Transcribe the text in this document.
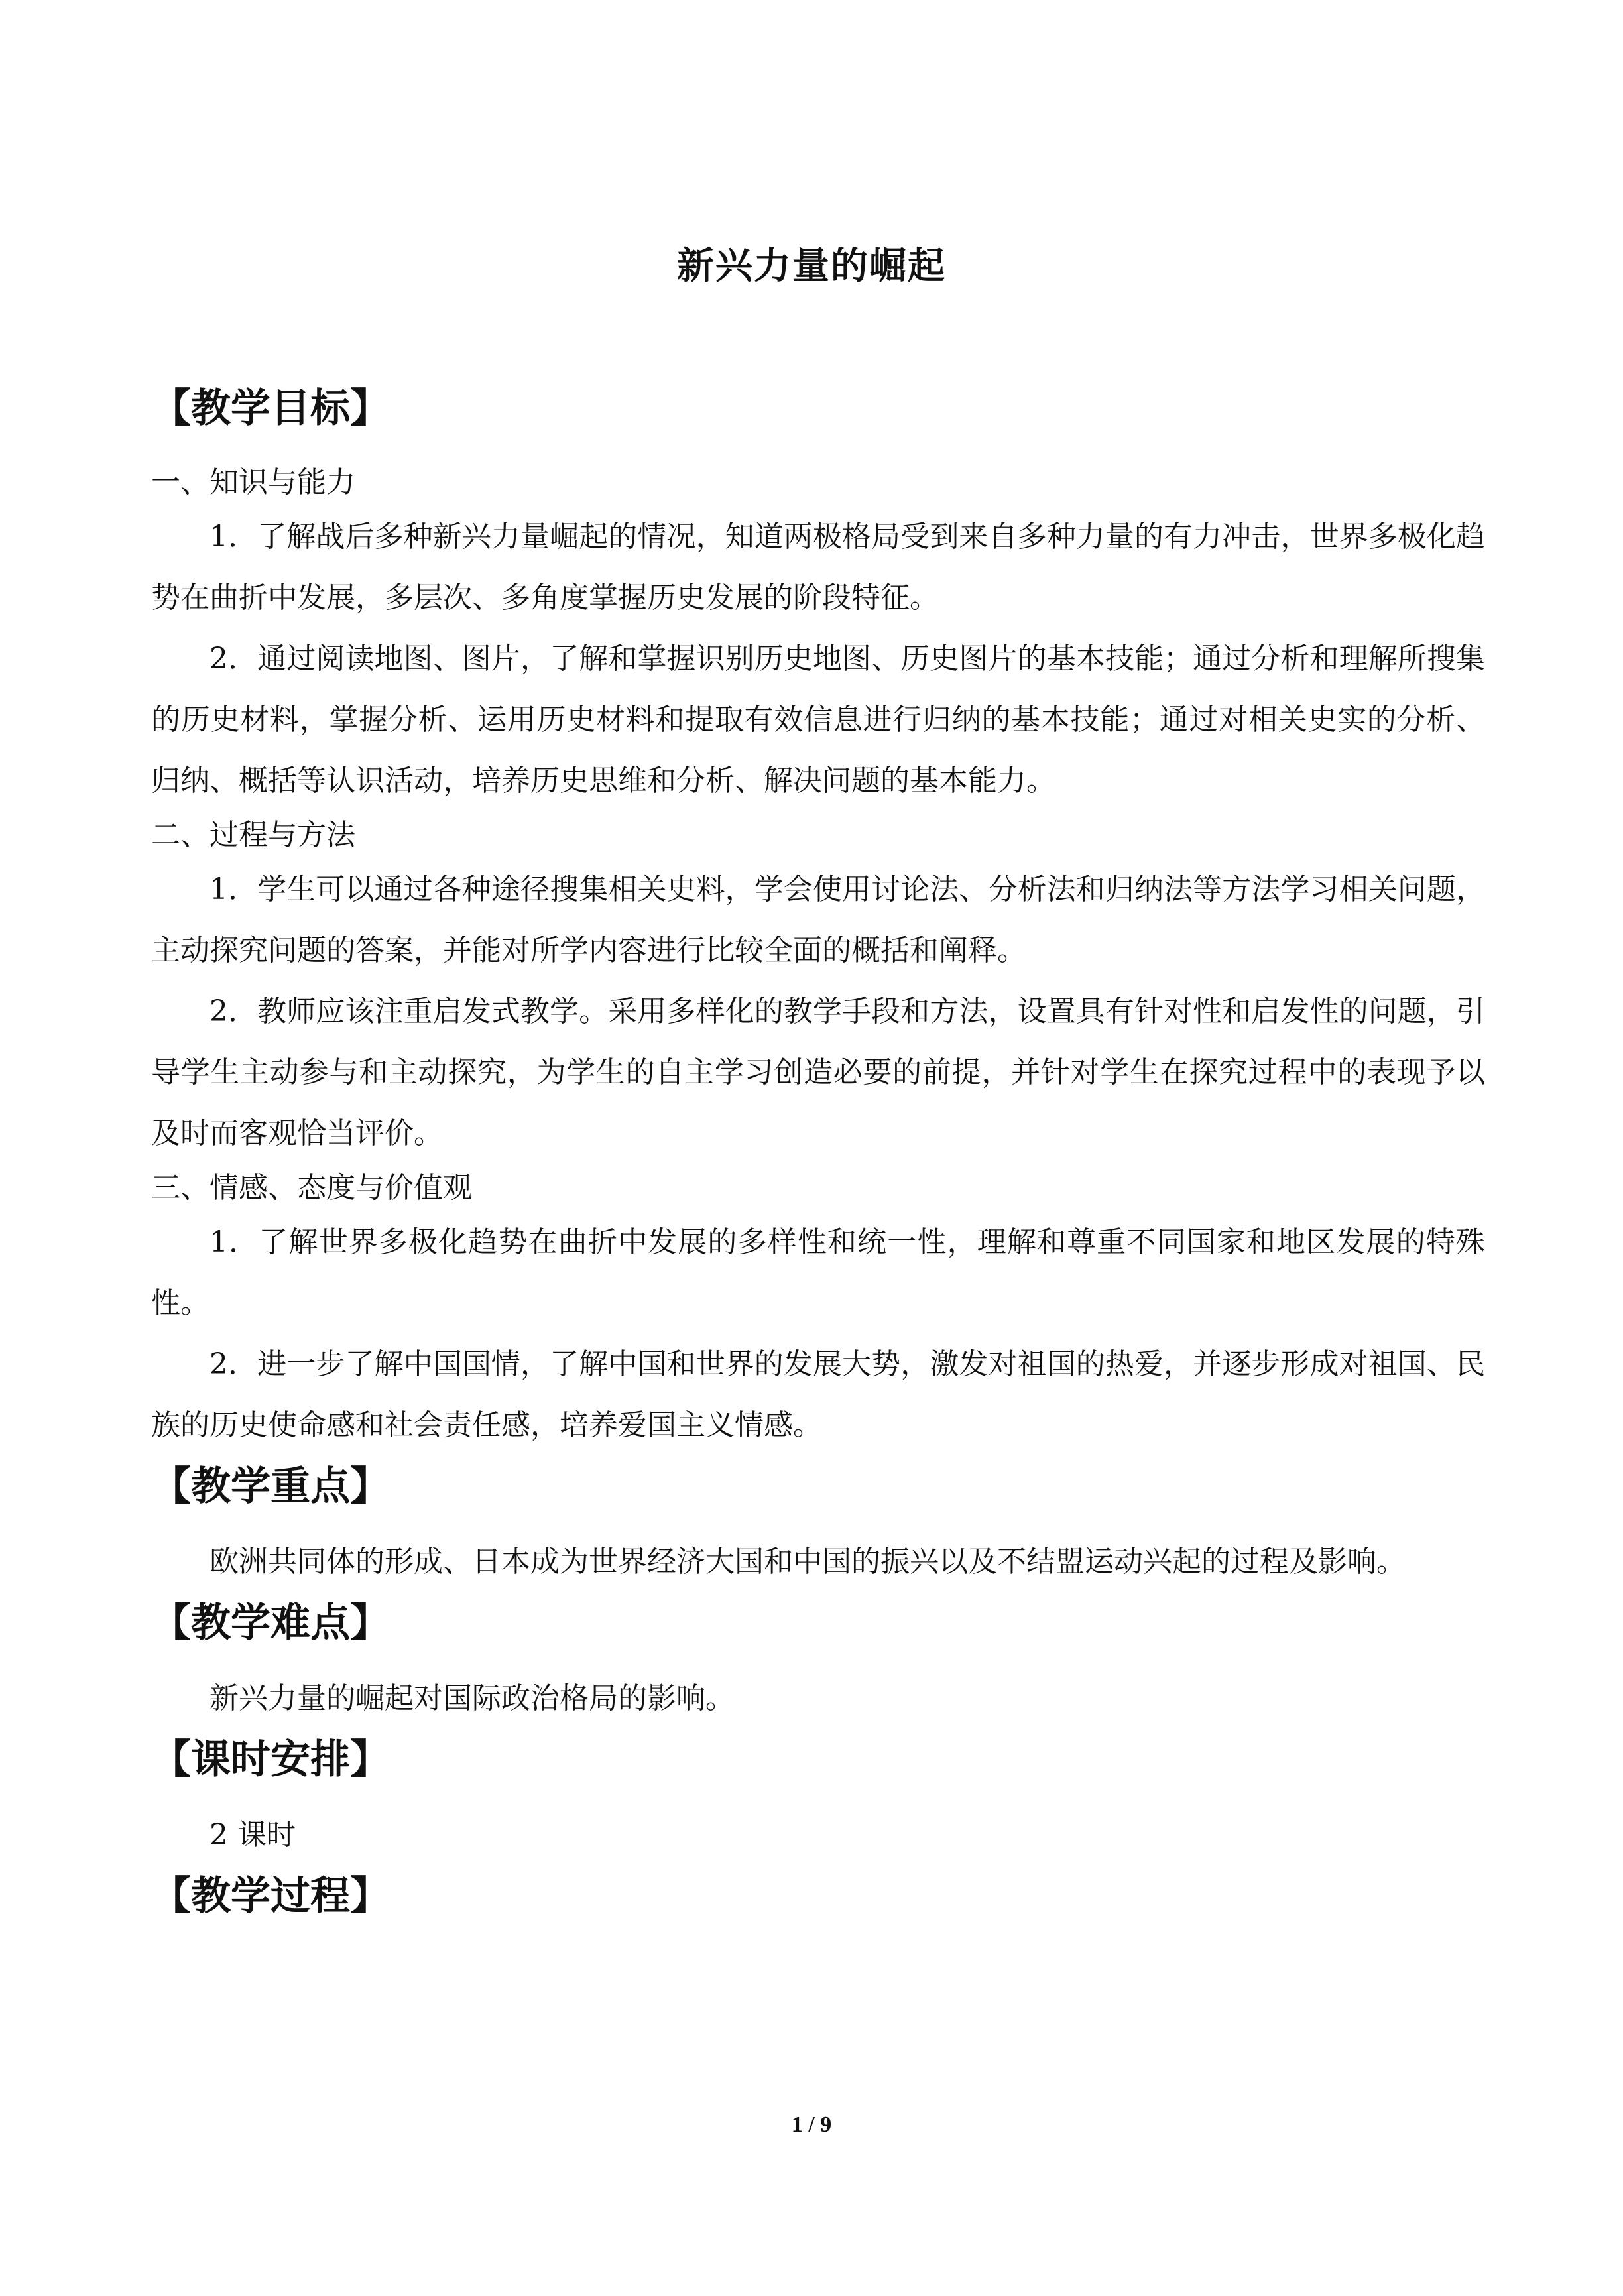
新兴力量的崛起
【教学目标】

一、知识与能力

1．了解战后多种新兴力量崛起的情况，知道两极格局受到来自多种力量的有力冲击，世界多极化趋势在曲折中发展，多层次、多角度掌握历史发展的阶段特征。

2．通过阅读地图、图片，了解和掌握识别历史地图、历史图片的基本技能；通过分析和理解所搜集的历史材料，掌握分析、运用历史材料和提取有效信息进行归纳的基本技能；通过对相关史实的分析、归纳、概括等认识活动，培养历史思维和分析、解决问题的基本能力。

二、过程与方法

1．学生可以通过各种途径搜集相关史料，学会使用讨论法、分析法和归纳法等方法学习相关问题，主动探究问题的答案，并能对所学内容进行比较全面的概括和阐释。

2．教师应该注重启发式教学。采用多样化的教学手段和方法，设置具有针对性和启发性的问题，引导学生主动参与和主动探究，为学生的自主学习创造必要的前提，并针对学生在探究过程中的表现予以及时而客观恰当评价。

三、情感、态度与价值观

1．了解世界多极化趋势在曲折中发展的多样性和统一性，理解和尊重不同国家和地区发展的特殊性。

2．进一步了解中国国情，了解中国和世界的发展大势，激发对祖国的热爱，并逐步形成对祖国、民族的历史使命感和社会责任感，培养爱国主义情感。

【教学重点】

欧洲共同体的形成、日本成为世界经济大国和中国的振兴以及不结盟运动兴起的过程及影响。

【教学难点】

新兴力量的崛起对国际政治格局的影响。

【课时安排】

2 课时

【教学过程】
1 / 9
